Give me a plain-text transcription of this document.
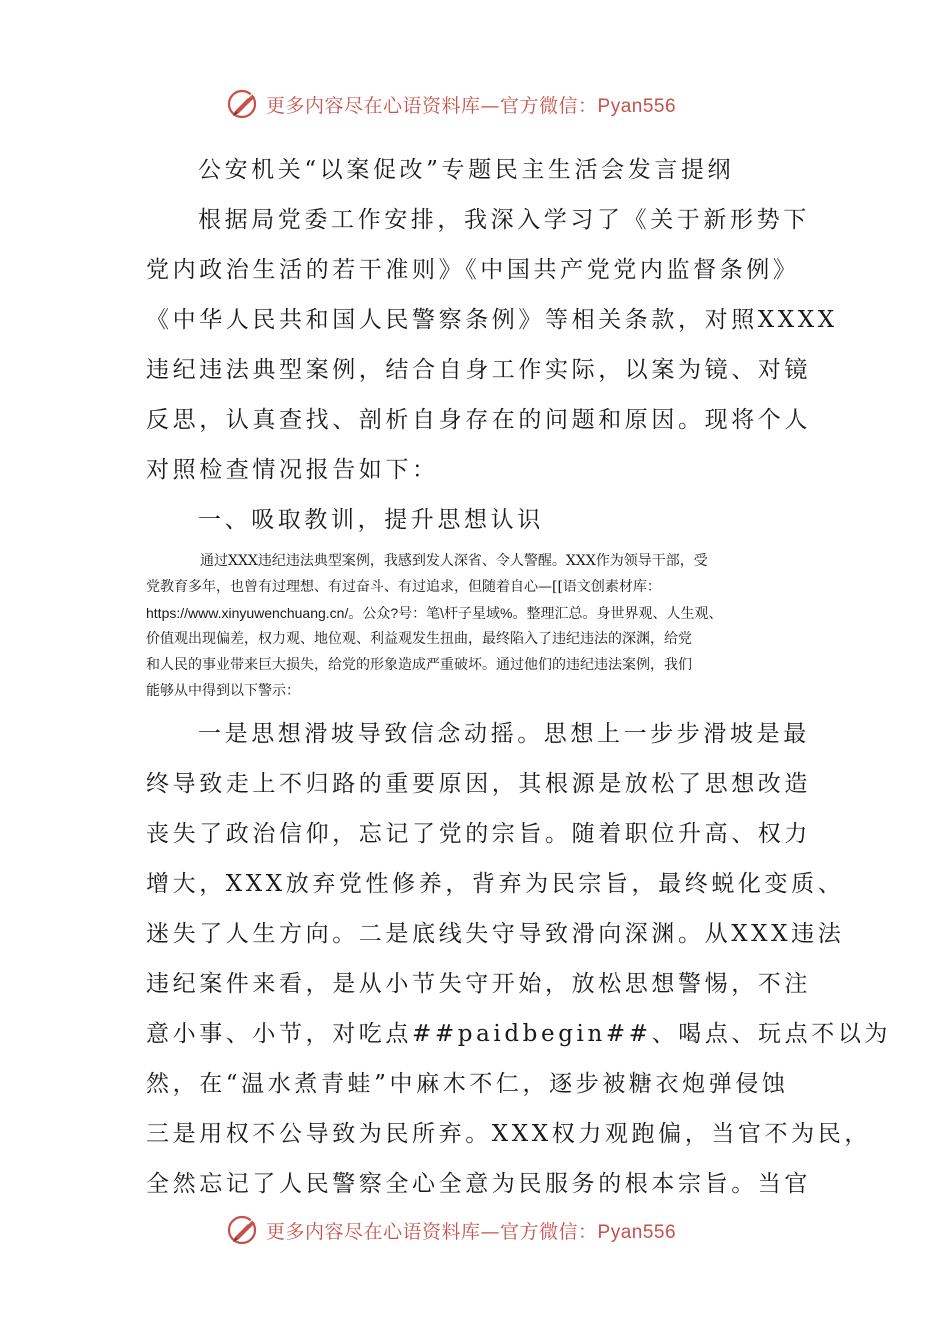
更多内容尽在心语资料库—官方微信：Pyan556

公安机关“以案促改”专题民主生活会发言提纲

根据局党委工作安排，我深入学习了《关于新形势下

党内政治生活的若干准则》《中国共产党党内监督条例》

《中华人民共和国人民警察条例》等相关条款，对照XXXX

违纪违法典型案例，结合自身工作实际，以案为镜、对镜

反思，认真查找、剖析自身存在的问题和原因。现将个人

对照检查情况报告如下：

一、吸取教训，提升思想认识

通过XXX违纪违法典型案例，我感到发人深省、令人警醒。XXX作为领导干部，受
党教育多年，也曾有过理想、有过奋斗、有过追求，但随着自心—[[语文创素材库：
https://www.xinyuwenchuang.cn/。公众?号：笔\杆子星域%。整理汇总。身世界观、人生观、
价值观出现偏差，权力观、地位观、利益观发生扭曲，最终陷入了违纪违法的深渊，给党
和人民的事业带来巨大损失，给党的形象造成严重破坏。通过他们的违纪违法案例，我们
能够从中得到以下警示：

一是思想滑坡导致信念动摇。思想上一步步滑坡是最

终导致走上不归路的重要原因，其根源是放松了思想改造

丧失了政治信仰，忘记了党的宗旨。随着职位升高、权力

增大，XXX放弃党性修养，背弃为民宗旨，最终蜕化变质、

迷失了人生方向。二是底线失守导致滑向深渊。从XXX违法

违纪案件来看，是从小节失守开始，放松思想警惕，不注

意小事、小节，对吃点##paidbegin##、喝点、玩点不以为

然，在“温水煮青蛙”中麻木不仁，逐步被糖衣炮弹侵蚀

三是用权不公导致为民所弃。XXX权力观跑偏，当官不为民，

全然忘记了人民警察全心全意为民服务的根本宗旨。当官

更多内容尽在心语资料库—官方微信：Pyan556
